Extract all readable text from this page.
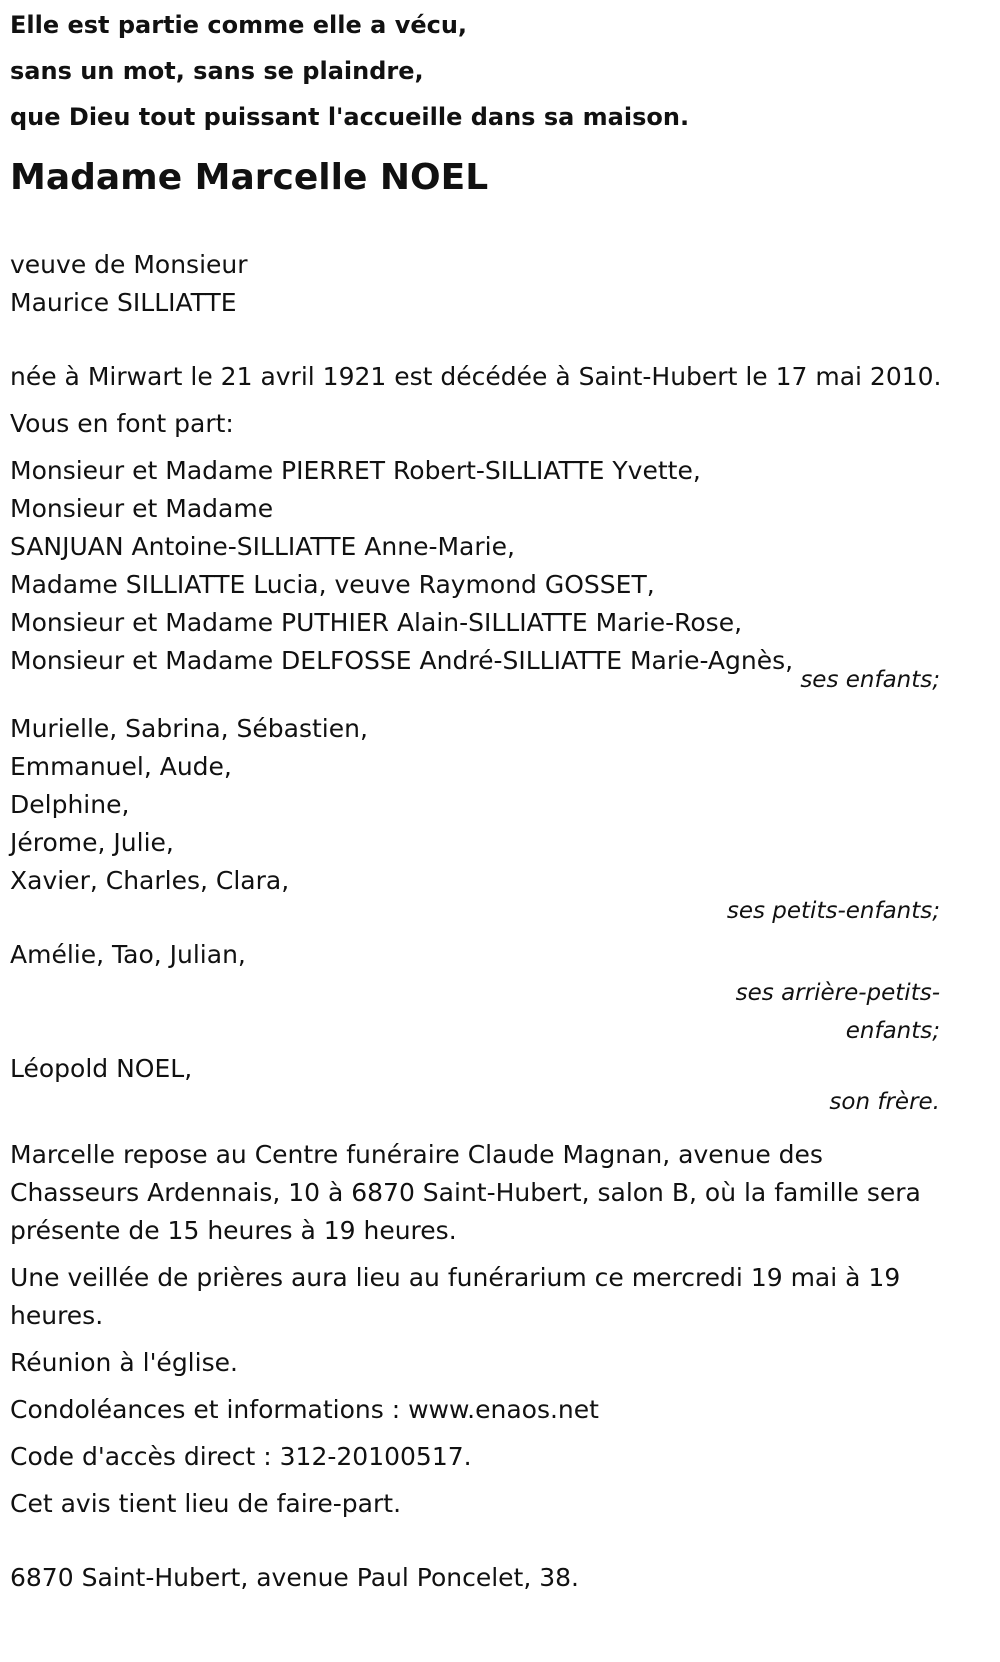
Elle est partie comme elle a vécu,
sans un mot, sans se plaindre,
que Dieu tout puissant l'accueille dans sa maison.
Madame Marcelle NOEL
veuve de Monsieur
Maurice SILLIATTE
née à Mirwart le 21 avril 1921 est décédée à Saint-Hubert le 17 mai 2010.
Vous en font part:
Monsieur et Madame PIERRET Robert-SILLIATTE Yvette,
Monsieur et Madame
SANJUAN Antoine-SILLIATTE Anne-Marie,
Madame SILLIATTE Lucia, veuve Raymond GOSSET,
Monsieur et Madame PUTHIER Alain-SILLIATTE Marie-Rose,
Monsieur et Madame DELFOSSE André-SILLIATTE Marie-Agnès,
ses enfants;
Murielle, Sabrina, Sébastien,
Emmanuel, Aude,
Delphine,
Jérome, Julie,
Xavier, Charles, Clara,
ses petits-enfants;
Amélie, Tao, Julian,
ses arrière-petits-
enfants;
Léopold NOEL,
son frère.
Marcelle repose au Centre funéraire Claude Magnan, avenue des Chasseurs Ardennais, 10 à 6870 Saint-Hubert, salon B, où la famille sera présente de 15 heures à 19 heures.
Une veillée de prières aura lieu au funérarium ce mercredi 19 mai à 19 heures.
Réunion à l'église.
Condoléances et informations : www.enaos.net
Code d'accès direct : 312-20100517.
Cet avis tient lieu de faire-part.
6870 Saint-Hubert, avenue Paul Poncelet, 38.
